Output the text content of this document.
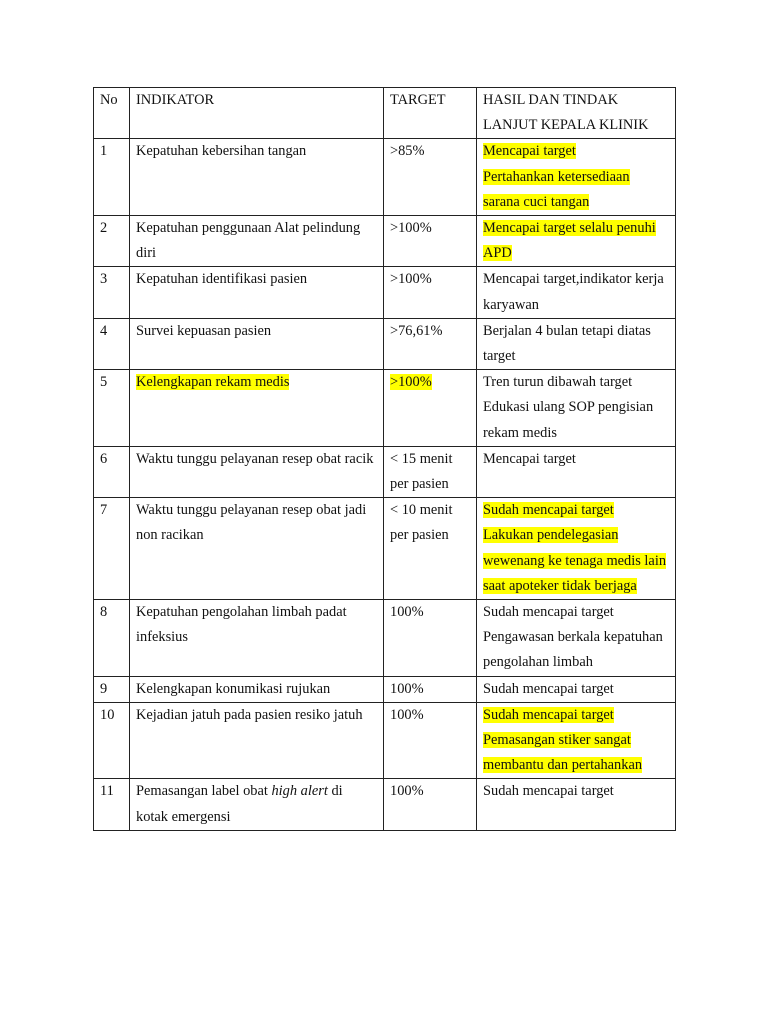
No	INDIKATOR	TARGET	HASIL DAN TINDAK LANJUT KEPALA KLINIK
1	Kepatuhan kebersihan tangan	>85%	Mencapai target
Pertahankan ketersediaan sarana cuci tangan

2	Kepatuhan penggunaan Alat pelindung diri	>100%	Mencapai target selalu penuhi APD
3	Kepatuhan identifikasi pasien	>100%	Mencapai target,indikator kerja karyawan
4	Survei kepuasan pasien	>76,61%	Berjalan 4 bulan tetapi diatas target
5	Kelengkapan rekam medis	>100%	Tren turun dibawah target
Edukasi ulang SOP pengisian rekam medis

6	Waktu tunggu pelayanan resep obat racik	< 15 menit per pasien	Mencapai target
7	Waktu tunggu pelayanan resep obat jadi non racikan	< 10 menit per pasien	Sudah mencapai target
Lakukan pendelegasian wewenang ke tenaga medis lain saat apoteker tidak berjaga

8	Kepatuhan pengolahan limbah padat infeksius	100%	Sudah mencapai target
Pengawasan berkala kepatuhan pengolahan limbah

9	Kelengkapan konumikasi rujukan	100%	Sudah mencapai target
10	Kejadian jatuh pada pasien resiko jatuh	100%	Sudah mencapai target
Pemasangan stiker sangat membantu dan pertahankan

11	Pemasangan label obat high alert di kotak emergensi	100%	Sudah mencapai target
